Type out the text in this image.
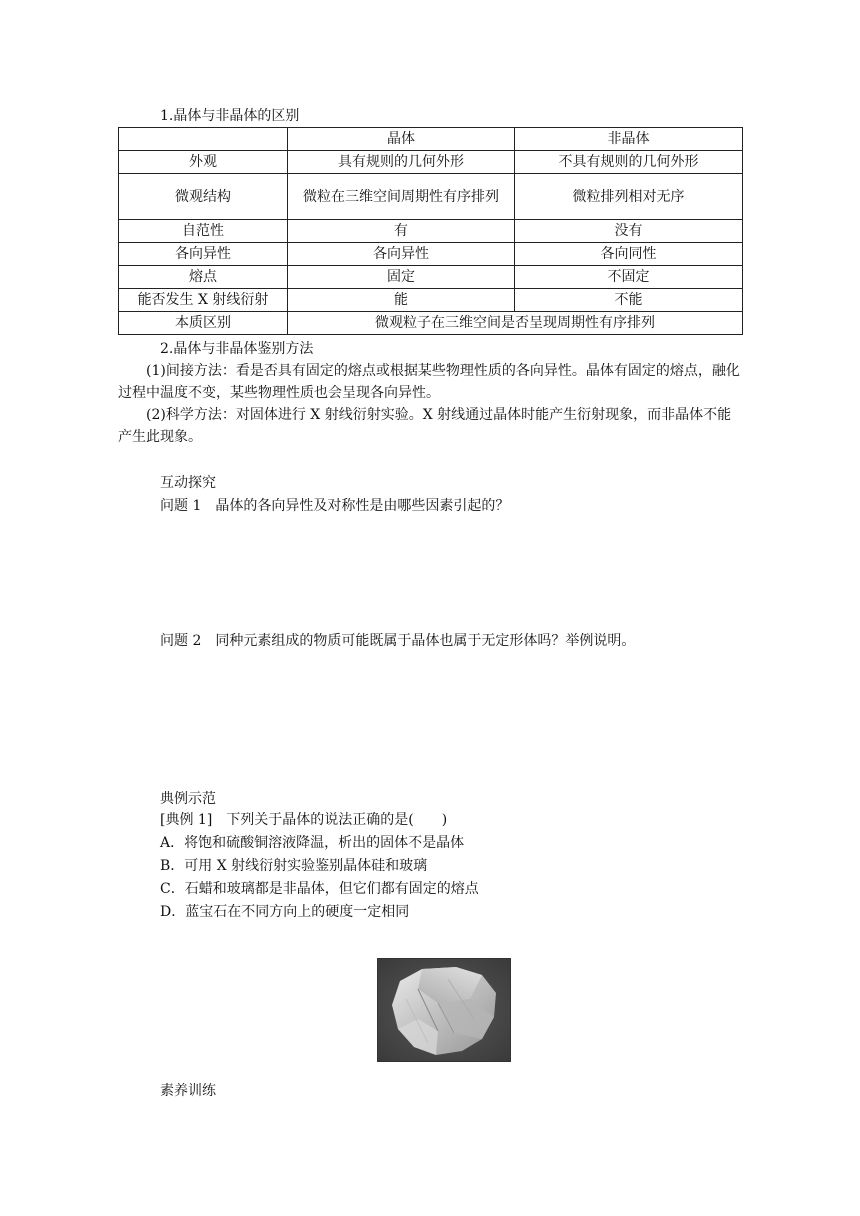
1.晶体与非晶体的区别
	晶体	非晶体
外观	具有规则的几何外形	不具有规则的几何外形
微观结构	微粒在三维空间周期性有序排列	微粒排列相对无序
自范性	有	没有
各向异性	各向异性	各向同性
熔点	固定	不固定
能否发生 X 射线衍射	能	不能
本质区别	微观粒子在三维空间是否呈现周期性有序排列	
2.晶体与非晶体鉴别方法
(1)间接方法：看是否具有固定的熔点或根据某些物理性质的各向异性。晶体有固定的熔点，融化过程中温度不变，某些物理性质也会呈现各向异性。
(2)科学方法：对固体进行 X 射线衍射实验。X 射线通过晶体时能产生衍射现象，而非晶体不能产生此现象。
互动探究
问题 1　晶体的各向异性及对称性是由哪些因素引起的？
问题 2　同种元素组成的物质可能既属于晶体也属于无定形体吗？举例说明。
典例示范
[典例 1]　下列关于晶体的说法正确的是(　　)
A．将饱和硫酸铜溶液降温，析出的固体不是晶体
B．可用 X 射线衍射实验鉴别晶体硅和玻璃
C．石蜡和玻璃都是非晶体，但它们都有固定的熔点
D．蓝宝石在不同方向上的硬度一定相同
素养训练
